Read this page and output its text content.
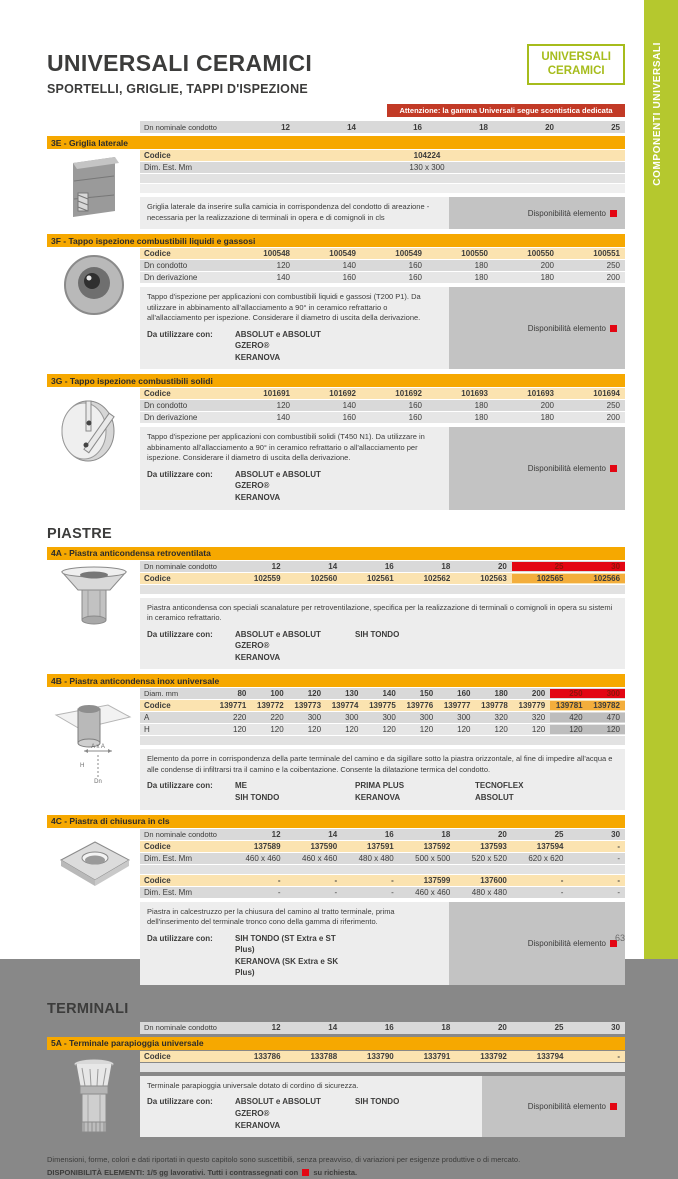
UNIVERSALI CERAMICI
SPORTELLI, GRIGLIE, TAPPI D'ISPEZIONE
UNIVERSALI
CERAMICI
Attenzione: la gamma Universali segue scontistica dedicata
Dn nominale condotto	12	14	16	18	20	25
3E - Griglia laterale
Codice	104224
Dim. Est. Mm	130 x 300
Griglia laterale da inserire sulla camicia in corrispondenza del condotto di areazione - necessaria per la realizzazione di terminali in opera e di comignoli in cls	Disponibilità elemento
3F - Tappo ispezione combustibili liquidi e gassosi
Codice	100548	100549	100549	100550	100550	100551
Dn condotto	120	140	160	180	200	250
Dn derivazione	140	160	160	180	180	200
Tappo d'ispezione per applicazioni con combustibili liquidi e gassosi (T200 P1). Da utilizzare in abbinamento all'allacciamento a 90° in ceramico refrattario o all'allacciamento per ispezione. Considerare il diametro di uscita della derivazione.
Da utilizzare con:	ABSOLUT e ABSOLUT GZERO®
KERANOVA
Disponibilità elemento
3G - Tappo ispezione combustibili solidi
Codice	101691	101692	101692	101693	101693	101694
Dn condotto	120	140	160	180	200	250
Dn derivazione	140	160	160	180	180	200
Tappo d'ispezione per applicazioni con combustibili solidi (T450 N1). Da utilizzare in abbinamento all'allacciamento a 90° in ceramico refrattario o all'allacciamento per ispezione. Considerare il diametro di uscita della derivazione.
Da utilizzare con:	ABSOLUT e ABSOLUT GZERO®
KERANOVA
Disponibilità elemento
PIASTRE
4A - Piastra anticondensa retroventilata
Dn nominale condotto	12	14	16	18	20	25	30
Codice	102559	102560	102561	102562	102563	102565	102566
Piastra anticondensa con speciali scanalature per retroventilazione, specifica per la realizzazione di terminali o comignoli in opera su sistemi in ceramico refrattario.
Da utilizzare con:	ABSOLUT e ABSOLUT GZERO®
KERANOVA
SIH TONDO
4B - Piastra anticondensa inox universale
A x A
H
Dn
Diam. mm	80	100	120	130	140	150	160	180	200	250	300
Codice	139771	139772	139773	139774	139775	139776	139777	139778	139779	139781	139782
A	220	220	300	300	300	300	300	320	320	420	470
H	120	120	120	120	120	120	120	120	120	120	120
Elemento da porre in corrispondenza della parte terminale del camino e da sigillare sotto la piastra orizzontale, al fine di impedire all'acqua e alle condense di infiltrarsi tra il camino e la coibentazione. Consente la dilatazione termica del condotto.
Da utilizzare con:	ME
SIH TONDO
PRIMA PLUS
KERANOVA
TECNOFLEX
ABSOLUT
4C - Piastra di chiusura in cls
Dn nominale condotto	12	14	16	18	20	25	30
Codice	137589	137590	137591	137592	137593	137594	-
Dim. Est. Mm	460 x 460	460 x 460	480 x 480	500 x 500	520 x 520	620 x 620	-
Codice	-	-	-	137599	137600	-	-
Dim. Est. Mm	-	-	-	460 x 460	480 x 480	-	-
Piastra in calcestruzzo per la chiusura del camino al tratto terminale, prima dell'inserimento del terminale tronco cono della gamma di riferimento.
Da utilizzare con:	SIH TONDO (ST Extra e ST Plus)
KERANOVA (SK Extra e SK Plus)
Disponibilità elemento
TERMINALI
Dn nominale condotto	12	14	16	18	20	25	30
5A - Terminale parapioggia universale
Codice	133786	133788	133790	133791	133792	133794	-
Terminale parapioggia universale dotato di cordino di sicurezza.
Da utilizzare con:	ABSOLUT e ABSOLUT GZERO®
KERANOVA
SIH TONDO
Disponibilità elemento
Dimensioni, forme, colori e dati riportati in questo capitolo sono suscettibili, senza preavviso, di variazioni per esigenze produttive o di mercato.
DISPONIBILITÀ ELEMENTI: 1/5 gg lavorativi. Tutti i contrassegnati con su richiesta.
COMPONENTI UNIVERSALI
63
